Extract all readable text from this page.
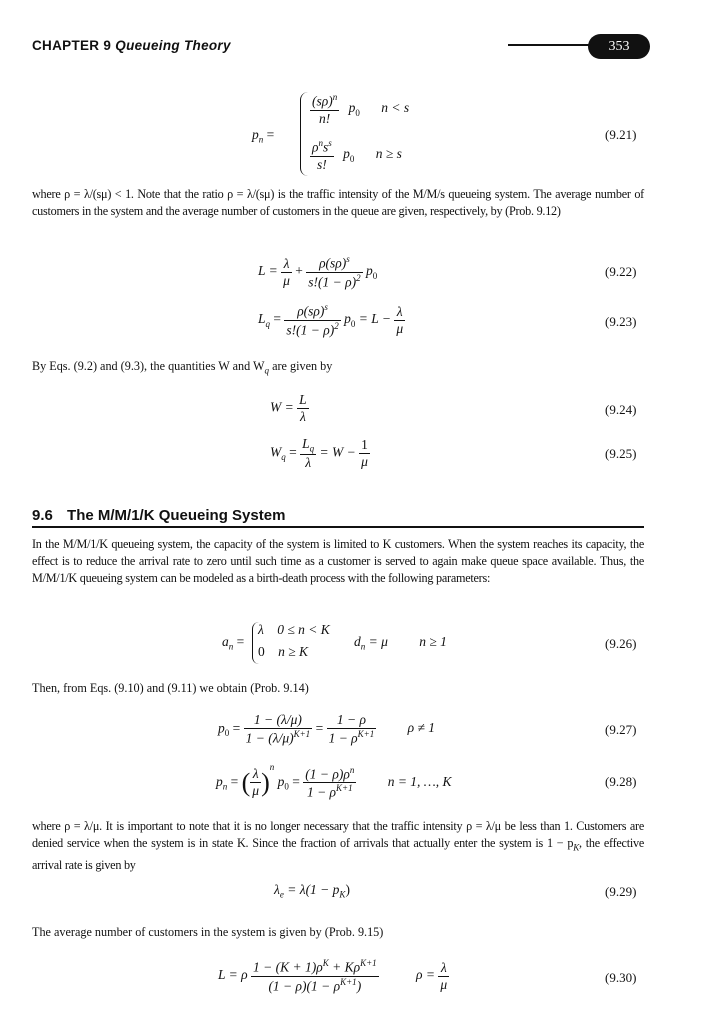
CHAPTER 9 Queueing Theory	353
$p_n$ =
$\frac{(s\rho)^n}{n!} p_0$ n < s
$\frac{\rho^ns^s}{s!} p_0$ n ≥ s
(9.21)
where ρ = λ/(sμ) < 1. Note that the ratio ρ = λ/(sμ) is the traffic intensity of the M/M/s queueing system. The average number of customers in the system and the average number of customers in the queue are given, respectively, by (Prob. 9.12)
$L = \frac{\lambda}{\mu} + \frac{\rho(s\rho)^s}{s!(1 - \rho)^2} p_0$	(9.22)
$L_q = \frac{\rho(s\rho)^s}{s!(1 - \rho)^2} p_0 = L - \frac{\lambda}{\mu}$	(9.23)
By Eqs. (9.2) and (9.3), the quantities W and $W_q$ are given by
$W = \frac{L}{\lambda}$	(9.24)
$W_q = \frac{L_q}{\lambda} = W - \frac{1}{\mu}$	(9.25)
9.6 The M/M/1/K Queueing System
In the M/M/1/K queueing system, the capacity of the system is limited to K customers. When the system reaches its capacity, the effect is to reduce the arrival rate to zero until such time as a customer is served to again make queue space available. Thus, the M/M/1/K queueing system can be modeled as a birth-death process with the following parameters:
$a_n$ =
λ 0 ≤ n < K
0 n ≥ K
$d_n = \mu$ n ≥ 1	(9.26)
Then, from Eqs. (9.10) and (9.11) we obtain (Prob. 9.14)
$p_0 = \frac{1 - (\lambda/\mu)}{1 - (\lambda/\mu)^{K+1}} = \frac{1 - \rho}{1 - \rho^{K+1}}$ ρ ≠ 1	(9.27)
$p_n$ = ( $\frac{\lambda}{\mu} )^n$ $p_0 = \frac{(1 - \rho)\rho^n}{1 - \rho^{K+1}}$ n = 1, …, K	(9.28)
where ρ = λ/μ. It is important to note that it is no longer necessary that the traffic intensity ρ = λ/μ be less than 1. Customers are denied service when the system is in state K. Since the fraction of arrivals that actually enter the system is $1 - p_K$, the effective arrival rate is given by
$\lambda_e = \lambda(1 - p_K)$	(9.29)
The average number of customers in the system is given by (Prob. 9.15)
L = ρ $\frac{1 - (K + 1)\rho^K + K\rho^{K+1}}{(1 - \rho)(1 - \rho^{K+1})}$	$\rho = \frac{\lambda}{\mu}$	(9.30)
